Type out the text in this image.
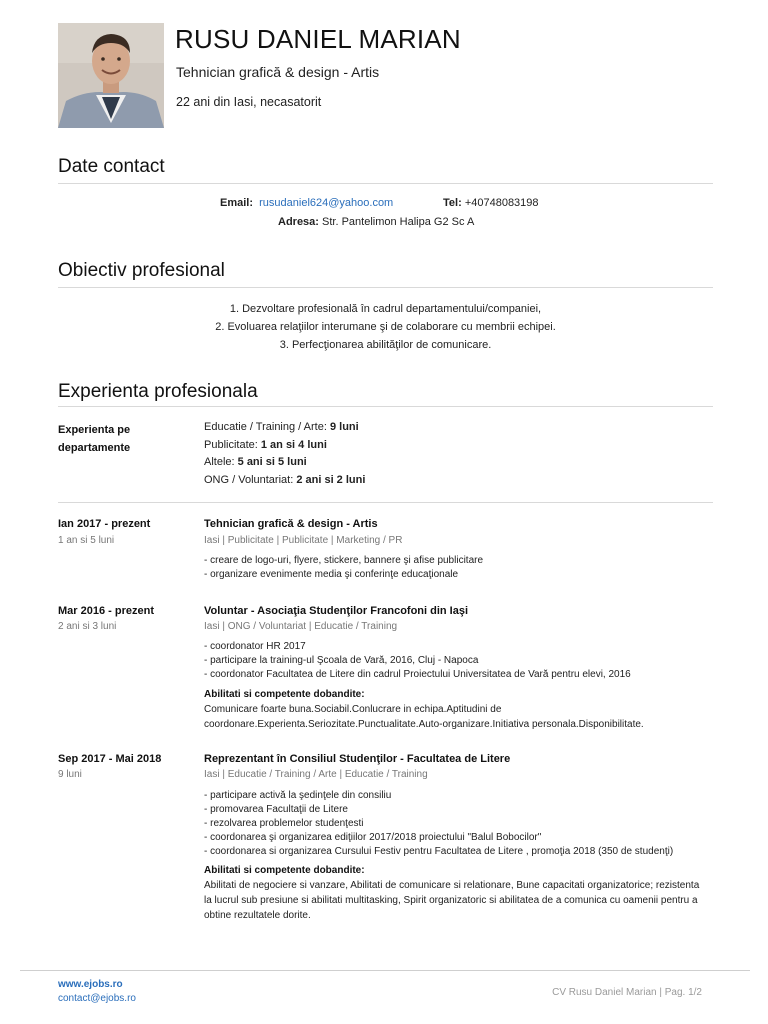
RUSU DANIEL MARIAN
Tehnician grafică & design - Artis
22 ani din Iasi, necasatorit
Date contact
Email: rusudaniel624@yahoo.com	Tel: +40748083198
Adresa: Str. Pantelimon Halipa G2 Sc A
Obiectiv profesional
1. Dezvoltare profesională în cadrul departamentului/companiei,
2. Evoluarea relaţiilor interumane şi de colaborare cu membrii echipei.
3. Perfecţionarea abilităţilor de comunicare.
Experienta profesionala
Experienta pe
departamente
Educatie / Training / Arte: 9 luni
Publicitate: 1 an si 4 luni
Altele: 5 ani si 5 luni
ONG / Voluntariat: 2 ani si 2 luni
Ian 2017 - prezent
1 an si 5 luni
Tehnician grafică & design - Artis
Iasi | Publicitate | Publicitate | Marketing / PR
- creare de logo-uri, flyere, stickere, bannere şi afise publicitare
- organizare evenimente media şi conferinţe educaţionale
Mar 2016 - prezent
2 ani si 3 luni
Voluntar - Asociaţia Studenţilor Francofoni din Iaşi
Iasi | ONG / Voluntariat | Educatie / Training
- coordonator HR 2017
- participare la training-ul Şcoala de Vară, 2016, Cluj - Napoca
- coordonator Facultatea de Litere din cadrul Proiectului Universitatea de Vară pentru elevi, 2016
Abilitati si competente dobandite:
Comunicare foarte buna.Sociabil.Conlucrare in echipa.Aptitudini de coordonare.Experienta.Seriozitate.Punctualitate.Auto-organizare.Initiativa personala.Disponibilitate.
Sep 2017 - Mai 2018
9 luni
Reprezentant în Consiliul Studenţilor - Facultatea de Litere
Iasi | Educatie / Training / Arte | Educatie / Training
- participare activă la şedinţele din consiliu
- promovarea Facultaţii de Litere
- rezolvarea problemelor studenţesti
- coordonarea şi organizarea ediţiilor 2017/2018 proiectului "Balul Bobocilor"
- coordonarea si organizarea Cursului Festiv pentru Facultatea de Litere , promoţia 2018 (350 de studenţi)
Abilitati si competente dobandite:
Abilitati de negociere si vanzare, Abilitati de comunicare si relationare, Bune capacitati organizatorice; rezistenta la lucrul sub presiune si abilitati multitasking, Spirit organizatoric si abilitatea de a comunica cu oamenii pentru a obtine rezultatele dorite.
www.ejobs.ro
contact@ejobs.ro
CV Rusu Daniel Marian | Pag. 1/2
